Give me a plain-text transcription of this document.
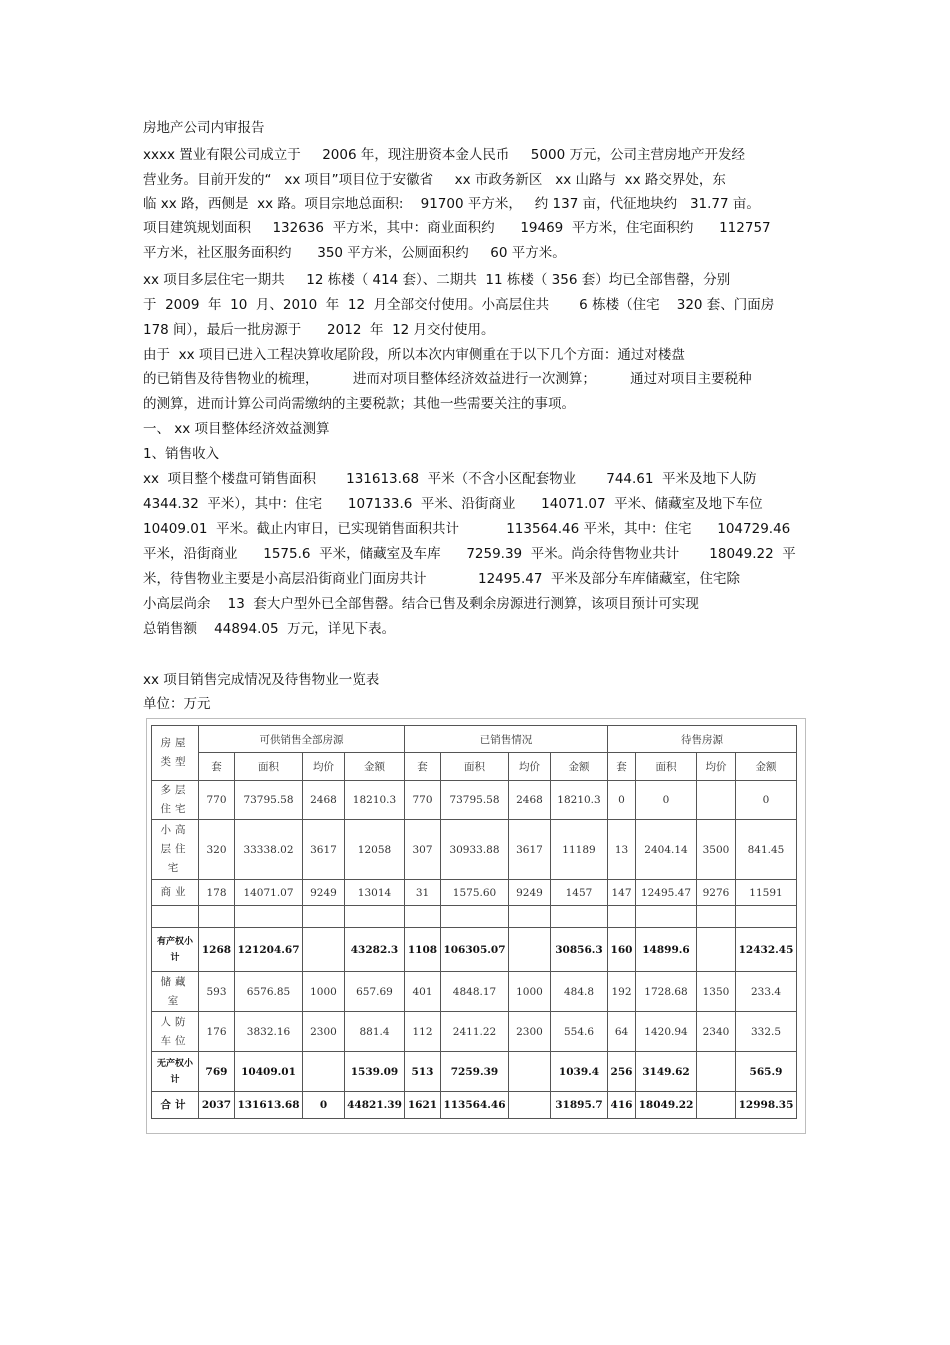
房地产公司内审报告
xxxx 置业有限公司成立于     2006 年，现注册资本金人民币     5000 万元，公司主营房地产开发经
营业务。目前开发的“   xx 项目”项目位于安徽省     xx 市政务新区   xx 山路与  xx 路交界处，东
临 xx 路，西侧是  xx 路。项目宗地总面积:    91700 平方米，   约 137 亩，代征地块约   31.77 亩。
项目建筑规划面积     132636  平方米，其中：商业面积约      19469  平方米，住宅面积约      112757
平方米，社区服务面积约      350 平方米，公厕面积约     60 平方米。
xx 项目多层住宅一期共     12 栋楼（ 414 套）、二期共  11 栋楼（ 356 套）均已全部售罄，分别
于  2009  年  10  月、2010  年  12  月全部交付使用。小高层住共       6 栋楼（住宅    320 套、门面房
178 间），最后一批房源于      2012  年  12 月交付使用。
由于  xx 项目已进入工程决算收尾阶段，所以本次内审侧重在于以下几个方面：通过对楼盘
的已销售及待售物业的梳理，        进而对项目整体经济效益进行一次测算；        通过对项目主要税种
的测算，进而计算公司尚需缴纳的主要税款；其他一些需要关注的事项。
一、 xx 项目整体经济效益测算
1、销售收入
xx  项目整个楼盘可销售面积       131613.68  平米（不含小区配套物业       744.61  平米及地下人防
4344.32  平米），其中：住宅      107133.6  平米、沿街商业      14071.07  平米、储藏室及地下车位
10409.01  平米。截止内审日，已实现销售面积共计           113564.46 平米，其中：住宅      104729.46
平米，沿街商业      1575.6  平米，储藏室及车库      7259.39  平米。尚余待售物业共计       18049.22  平
米，待售物业主要是小高层沿街商业门面房共计            12495.47  平米及部分车库储藏室，住宅除
小高层尚余    13  套大户型外已全部售罄。结合已售及剩余房源进行测算，该项目预计可实现
总销售额    44894.05  万元，详见下表。
xx 项目销售完成情况及待售物业一览表
单位：万元
房屋类型	可供销售全部房源				已销售情况				待售房源			
	套	面积	均价	金额	套	面积	均价	金额	套	面积	均价	金额
多层住宅	770	73795.58	2468	18210.3	770	73795.58	2468	18210.3	0	0		0
小高层住宅	320	33338.02	3617	12058	307	30933.88	3617	11189	13	2404.14	3500	841.45
商业	178	14071.07	9249	13014	31	1575.60	9249	1457	147	12495.47	9276	11591

有产权小计	1268	121204.67		43282.3	1108	106305.07		30856.3	160	14899.6		12432.45
储藏室	593	6576.85	1000	657.69	401	4848.17	1000	484.8	192	1728.68	1350	233.4
人防车位	176	3832.16	2300	881.4	112	2411.22	2300	554.6	64	1420.94	2340	332.5
无产权小计	769	10409.01		1539.09	513	7259.39		1039.4	256	3149.62		565.9
合计	2037	131613.68	0	44821.39	1621	113564.46		31895.7	416	18049.22		12998.35
